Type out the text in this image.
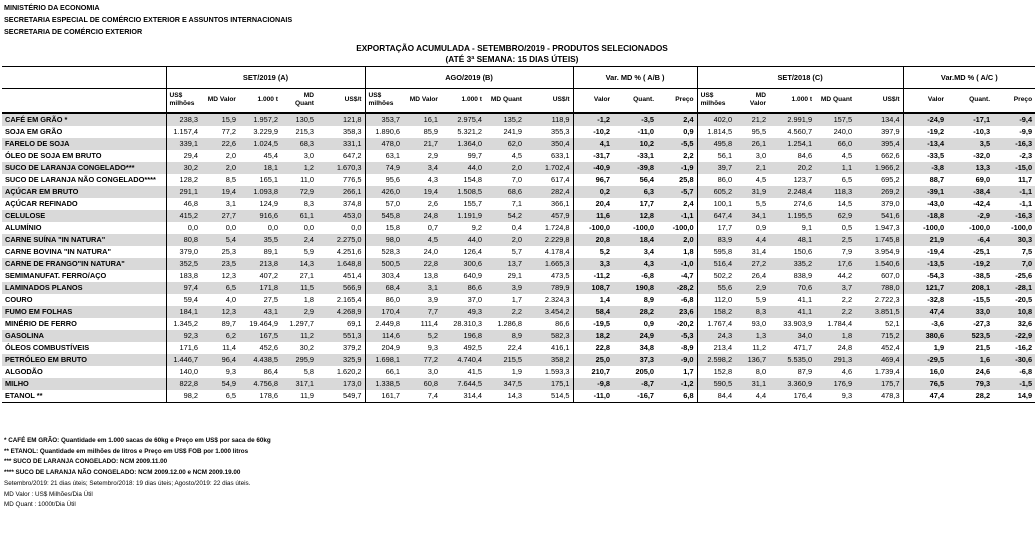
MINISTÉRIO DA ECONOMIA
SECRETARIA ESPECIAL DE COMÉRCIO EXTERIOR E ASSUNTOS INTERNACIONAIS
SECRETARIA DE COMÉRCIO EXTERIOR
EXPORTAÇÃO ACUMULADA - SETEMBRO/2019 - PRODUTOS SELECIONADOS
(ATÉ 3ª SEMANA: 15 DIAS ÚTEIS)
	SET/2019 (A)					AGO/2019 (B)					Var. MD % ( A/B )			SET/2018 (C)					Var.MD % ( A/C )		
	US$ milhões	MD Valor	1.000 t	MD Quant	US$/t	US$ milhões	MD Valor	1.000 t	MD Quant	US$/t	Valor	Quant.	Preço	US$ milhões	MD Valor	1.000 t	MD Quant	US$/t	Valor	Quant.	Preço
CAFÉ EM GRÃO *	238,3	15,9	1.957,2	130,5	121,8	353,7	16,1	2.975,4	135,2	118,9	-1,2	-3,5	2,4	402,0	21,2	2.991,9	157,5	134,4	-24,9	-17,1	-9,4
SOJA EM GRÃO	1.157,4	77,2	3.229,9	215,3	358,3	1.890,6	85,9	5.321,2	241,9	355,3	-10,2	-11,0	0,9	1.814,5	95,5	4.560,7	240,0	397,9	-19,2	-10,3	-9,9
FARELO DE SOJA	339,1	22,6	1.024,5	68,3	331,1	478,0	21,7	1.364,0	62,0	350,4	4,1	10,2	-5,5	495,8	26,1	1.254,1	66,0	395,4	-13,4	3,5	-16,3
ÓLEO DE SOJA EM BRUTO	29,4	2,0	45,4	3,0	647,2	63,1	2,9	99,7	4,5	633,1	-31,7	-33,1	2,2	56,1	3,0	84,6	4,5	662,6	-33,5	-32,0	-2,3
SUCO DE LARANJA CONGELADO***	30,2	2,0	18,1	1,2	1.670,3	74,9	3,4	44,0	2,0	1.702,4	-40,9	-39,8	-1,9	39,7	2,1	20,2	1,1	1.966,2	-3,8	13,3	-15,0
SUCO DE LARANJA NÃO CONGELADO****	128,2	8,5	165,1	11,0	776,5	95,6	4,3	154,8	7,0	617,4	96,7	56,4	25,8	86,0	4,5	123,7	6,5	695,2	88,7	69,0	11,7
AÇÚCAR EM BRUTO	291,1	19,4	1.093,8	72,9	266,1	426,0	19,4	1.508,5	68,6	282,4	0,2	6,3	-5,7	605,2	31,9	2.248,4	118,3	269,2	-39,1	-38,4	-1,1
AÇÚCAR REFINADO	46,8	3,1	124,9	8,3	374,8	57,0	2,6	155,7	7,1	366,1	20,4	17,7	2,4	100,1	5,5	274,6	14,5	379,0	-43,0	-42,4	-1,1
CELULOSE	415,2	27,7	916,6	61,1	453,0	545,8	24,8	1.191,9	54,2	457,9	11,6	12,8	-1,1	647,4	34,1	1.195,5	62,9	541,6	-18,8	-2,9	-16,3
ALUMÍNIO	0,0	0,0	0,0	0,0	0,0	15,8	0,7	9,2	0,4	1.724,8	-100,0	-100,0	-100,0	17,7	0,9	9,1	0,5	1.947,3	-100,0	-100,0	-100,0
CARNE SUÍNA "IN NATURA"	80,8	5,4	35,5	2,4	2.275,0	98,0	4,5	44,0	2,0	2.229,8	20,8	18,4	2,0	83,9	4,4	48,1	2,5	1.745,8	21,9	-6,4	30,3
CARNE BOVINA "IN NATURA"	379,0	25,3	89,1	5,9	4.251,6	528,3	24,0	126,4	5,7	4.178,4	5,2	3,4	1,8	595,8	31,4	150,6	7,9	3.954,9	-19,4	-25,1	7,5
CARNE DE FRANGO"IN NATURA"	352,5	23,5	213,8	14,3	1.648,8	500,5	22,8	300,6	13,7	1.665,3	3,3	4,3	-1,0	516,4	27,2	335,2	17,6	1.540,6	-13,5	-19,2	7,0
SEMIMANUFAT. FERRO/AÇO	183,8	12,3	407,2	27,1	451,4	303,4	13,8	640,9	29,1	473,5	-11,2	-6,8	-4,7	502,2	26,4	838,9	44,2	607,0	-54,3	-38,5	-25,6
LAMINADOS PLANOS	97,4	6,5	171,8	11,5	566,9	68,4	3,1	86,6	3,9	789,9	108,7	190,8	-28,2	55,6	2,9	70,6	3,7	788,0	121,7	208,1	-28,1
COURO	59,4	4,0	27,5	1,8	2.165,4	86,0	3,9	37,0	1,7	2.324,3	1,4	8,9	-6,8	112,0	5,9	41,1	2,2	2.722,3	-32,8	-15,5	-20,5
FUMO EM FOLHAS	184,1	12,3	43,1	2,9	4.268,9	170,4	7,7	49,3	2,2	3.454,2	58,4	28,2	23,6	158,2	8,3	41,1	2,2	3.851,5	47,4	33,0	10,8
MINÉRIO DE FERRO	1.345,2	89,7	19.464,9	1.297,7	69,1	2.449,8	111,4	28.310,3	1.286,8	86,6	-19,5	0,9	-20,2	1.767,4	93,0	33.903,9	1.784,4	52,1	-3,6	-27,3	32,6
GASOLINA	92,3	6,2	167,5	11,2	551,3	114,6	5,2	196,8	8,9	582,3	18,2	24,9	-5,3	24,3	1,3	34,0	1,8	715,2	380,6	523,5	-22,9
ÓLEOS COMBUSTÍVEIS	171,6	11,4	452,6	30,2	379,2	204,9	9,3	492,5	22,4	416,1	22,8	34,8	-8,9	213,4	11,2	471,7	24,8	452,4	1,9	21,5	-16,2
PETRÓLEO EM BRUTO	1.446,7	96,4	4.438,5	295,9	325,9	1.698,1	77,2	4.740,4	215,5	358,2	25,0	37,3	-9,0	2.598,2	136,7	5.535,0	291,3	469,4	-29,5	1,6	-30,6
ALGODÃO	140,0	9,3	86,4	5,8	1.620,2	66,1	3,0	41,5	1,9	1.593,3	210,7	205,0	1,7	152,8	8,0	87,9	4,6	1.739,4	16,0	24,6	-6,8
MILHO	822,8	54,9	4.756,8	317,1	173,0	1.338,5	60,8	7.644,5	347,5	175,1	-9,8	-8,7	-1,2	590,5	31,1	3.360,9	176,9	175,7	76,5	79,3	-1,5
ETANOL **	98,2	6,5	178,6	11,9	549,7	161,7	7,4	314,4	14,3	514,5	-11,0	-16,7	6,8	84,4	4,4	176,4	9,3	478,3	47,4	28,2	14,9
* CAFÉ EM GRÃO: Quantidade em 1.000 sacas de 60kg e Preço em US$ por saca de 60kg
** ETANOL: Quantidade em milhões de litros e Preço em US$ FOB por 1.000 litros
*** SUCO DE LARANJA CONGELADO: NCM 2009.11.00
**** SUCO DE LARANJA NÃO CONGELADO: NCM 2009.12.00 e NCM 2009.19.00
Setembro/2019: 21 dias úteis; Setembro/2018: 19 dias úteis; Agosto/2019: 22 dias úteis.
MD Valor : US$ Milhões/Dia Útil
MD Quant : 1000t/Dia Útil
